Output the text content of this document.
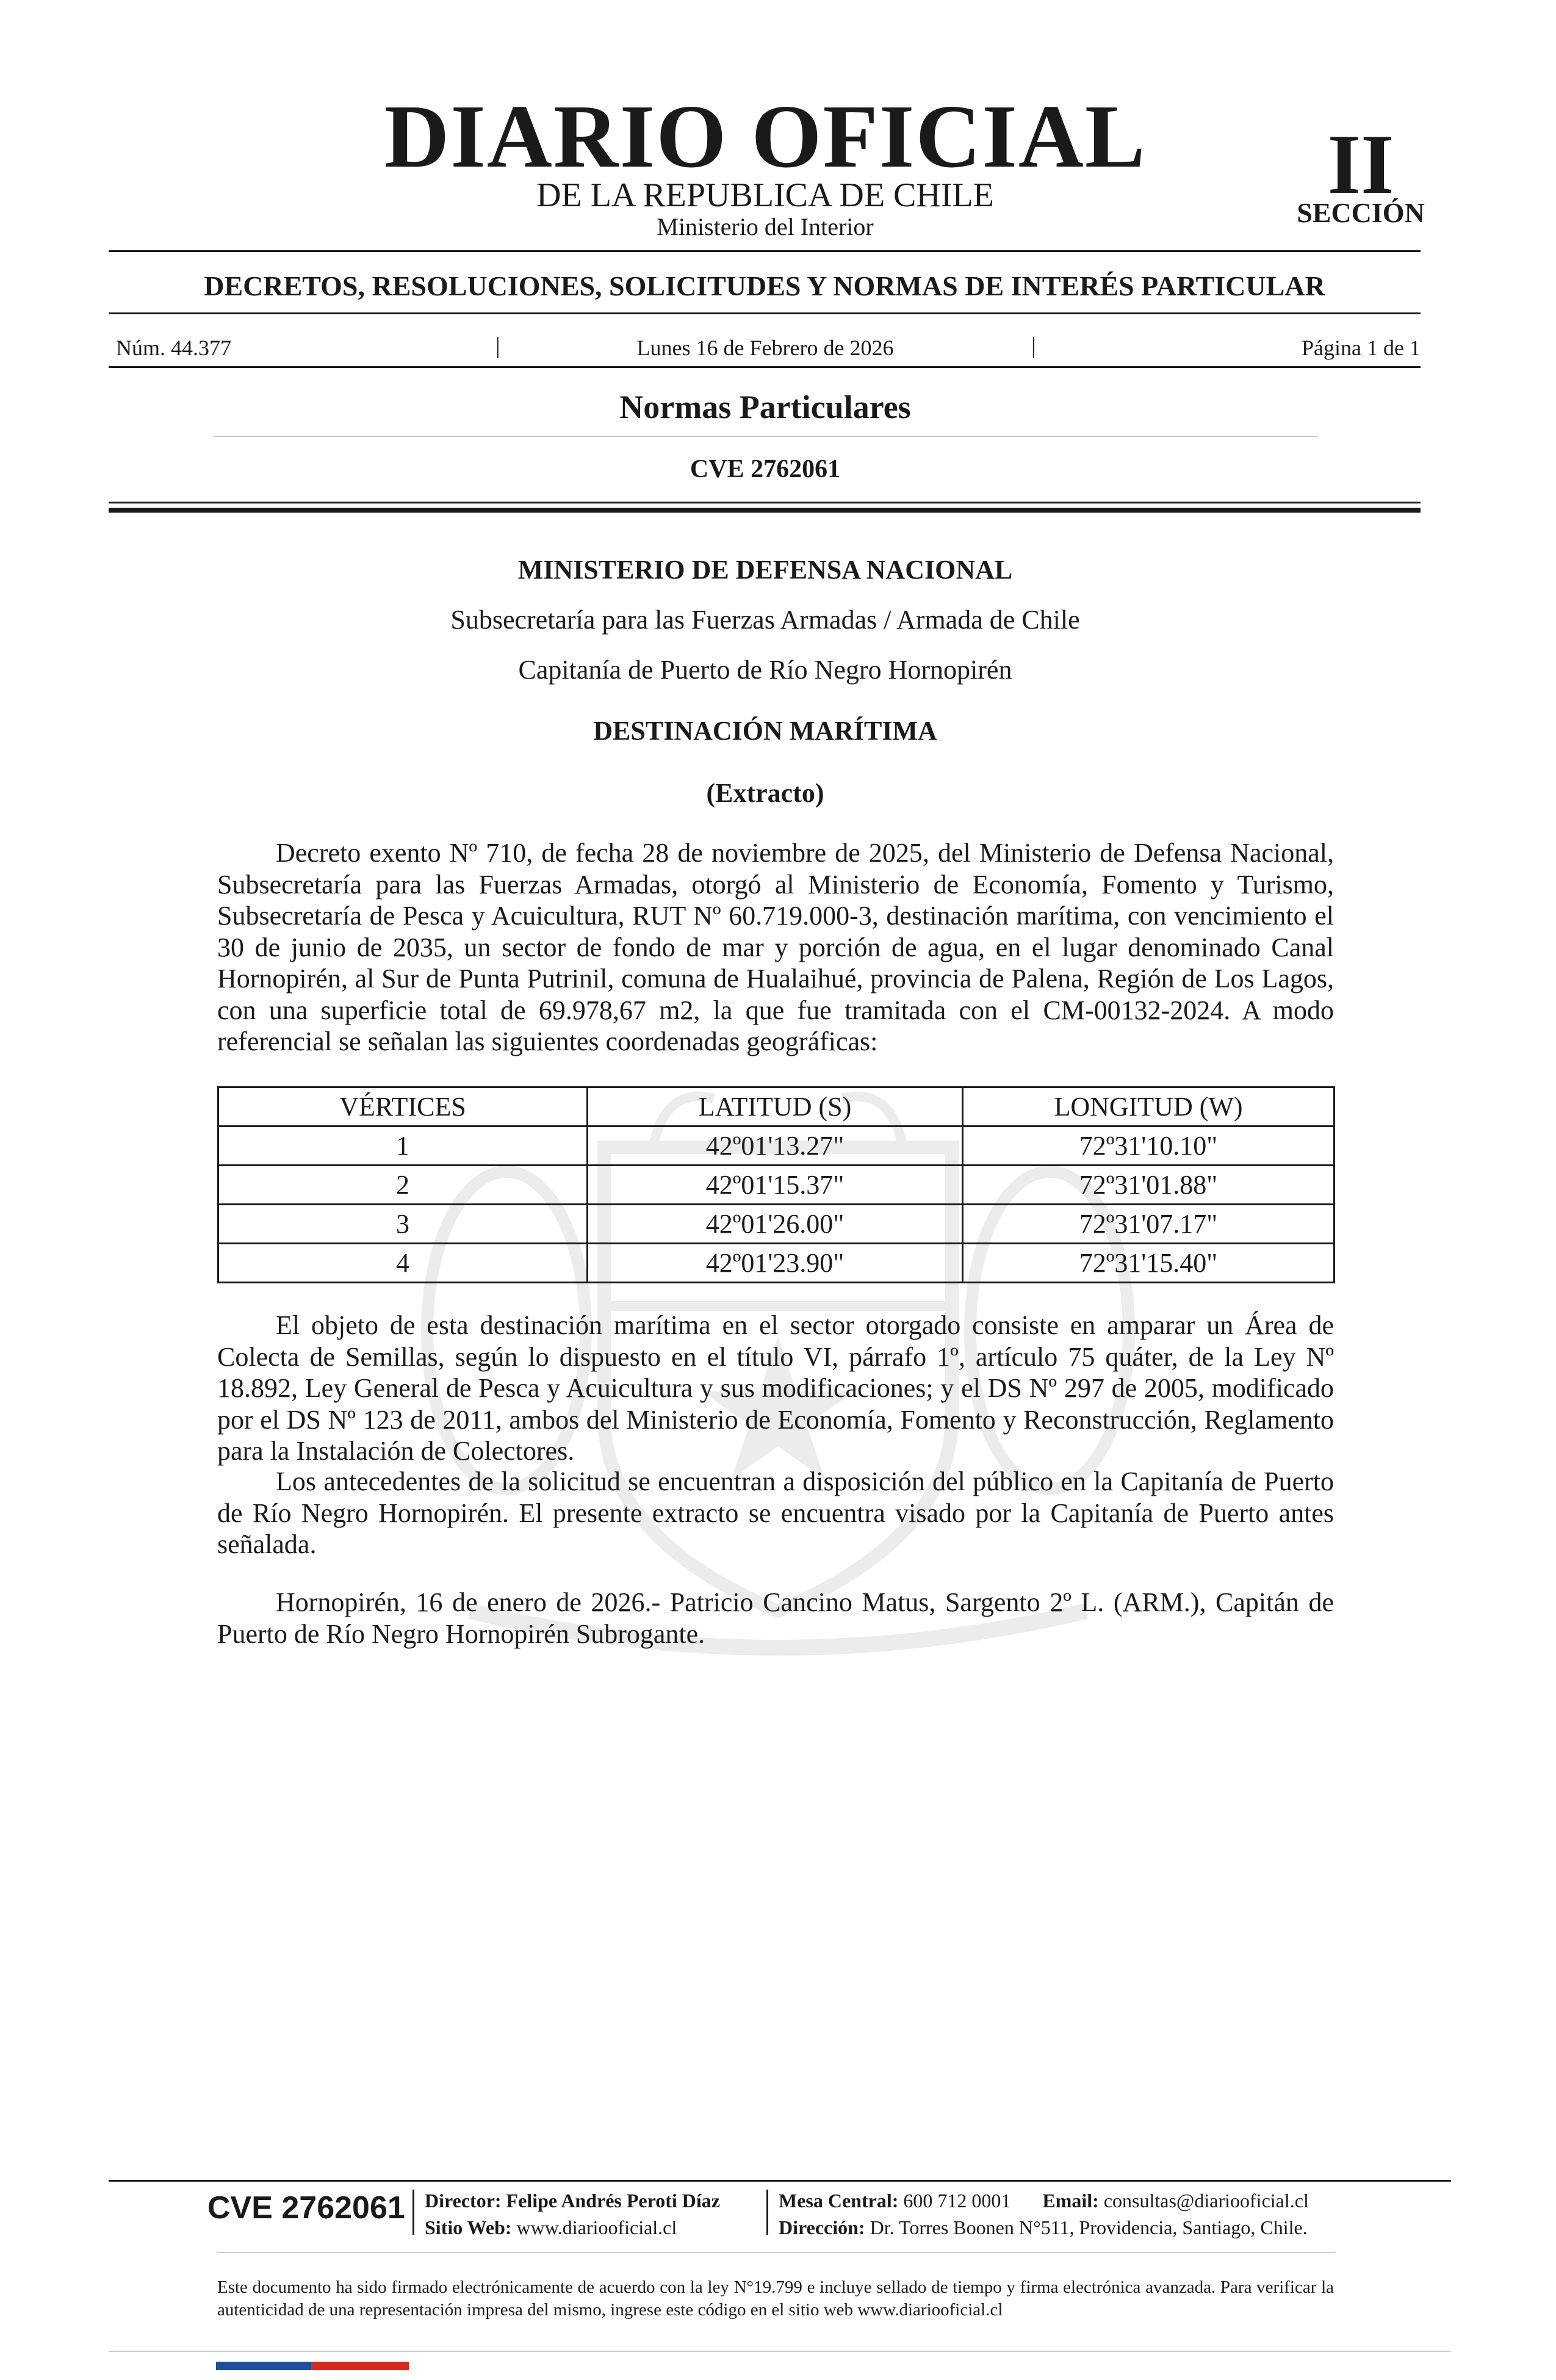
DIARIO OFICIAL
DE LA REPUBLICA DE CHILE
Ministerio del Interior
II
SECCIÓN
DECRETOS, RESOLUCIONES, SOLICITUDES Y NORMAS DE INTERÉS PARTICULAR
Núm. 44.377	|	Lunes 16 de Febrero de 2026	|	Página 1 de 1
Normas Particulares
CVE 2762061
MINISTERIO DE DEFENSA NACIONAL
Subsecretaría para las Fuerzas Armadas / Armada de Chile
Capitanía de Puerto de Río Negro Hornopirén
DESTINACIÓN MARÍTIMA
(Extracto)

Decreto exento Nº 710, de fecha 28 de noviembre de 2025, del Ministerio de Defensa Nacional, Subsecretaría para las Fuerzas Armadas, otorgó al Ministerio de Economía, Fomento y Turismo, Subsecretaría de Pesca y Acuicultura, RUT Nº 60.719.000-3, destinación marítima, con vencimiento el 30 de junio de 2035, un sector de fondo de mar y porción de agua, en el lugar denominado Canal Hornopirén, al Sur de Punta Putrinil, comuna de Hualaihué, provincia de Palena, Región de Los Lagos, con una superficie total de 69.978,67 m2, la que fue tramitada con el CM-00132-2024. A modo referencial se señalan las siguientes coordenadas geográficas:

VÉRTICES	LATITUD (S)	LONGITUD (W)
1	42º01'13.27"	72º31'10.10"
2	42º01'15.37"	72º31'01.88"
3	42º01'26.00"	72º31'07.17"
4	42º01'23.90"	72º31'15.40"

El objeto de esta destinación marítima en el sector otorgado consiste en amparar un Área de Colecta de Semillas, según lo dispuesto en el título VI, párrafo 1º, artículo 75 quáter, de la Ley Nº 18.892, Ley General de Pesca y Acuicultura y sus modificaciones; y el DS Nº 297 de 2005, modificado por el DS Nº 123 de 2011, ambos del Ministerio de Economía, Fomento y Reconstrucción, Reglamento para la Instalación de Colectores.

Los antecedentes de la solicitud se encuentran a disposición del público en la Capitanía de Puerto de Río Negro Hornopirén. El presente extracto se encuentra visado por la Capitanía de Puerto antes señalada.

Hornopirén, 16 de enero de 2026.- Patricio Cancino Matus, Sargento 2º L. (ARM.), Capitán de Puerto de Río Negro Hornopirén Subrogante.

CVE 2762061 Director: Felipe Andrés Peroti Díaz
Sitio Web: www.diariooficial.cl
Mesa Central: 600 712 0001 Email: consultas@diariooficial.cl
Dirección: Dr. Torres Boonen N°511, Providencia, Santiago, Chile.
Este documento ha sido firmado electrónicamente de acuerdo con la ley N°19.799 e incluye sellado de tiempo y firma electrónica avanzada. Para verificar la autenticidad de una representación impresa del mismo, ingrese este código en el sitio web www.diariooficial.cl
